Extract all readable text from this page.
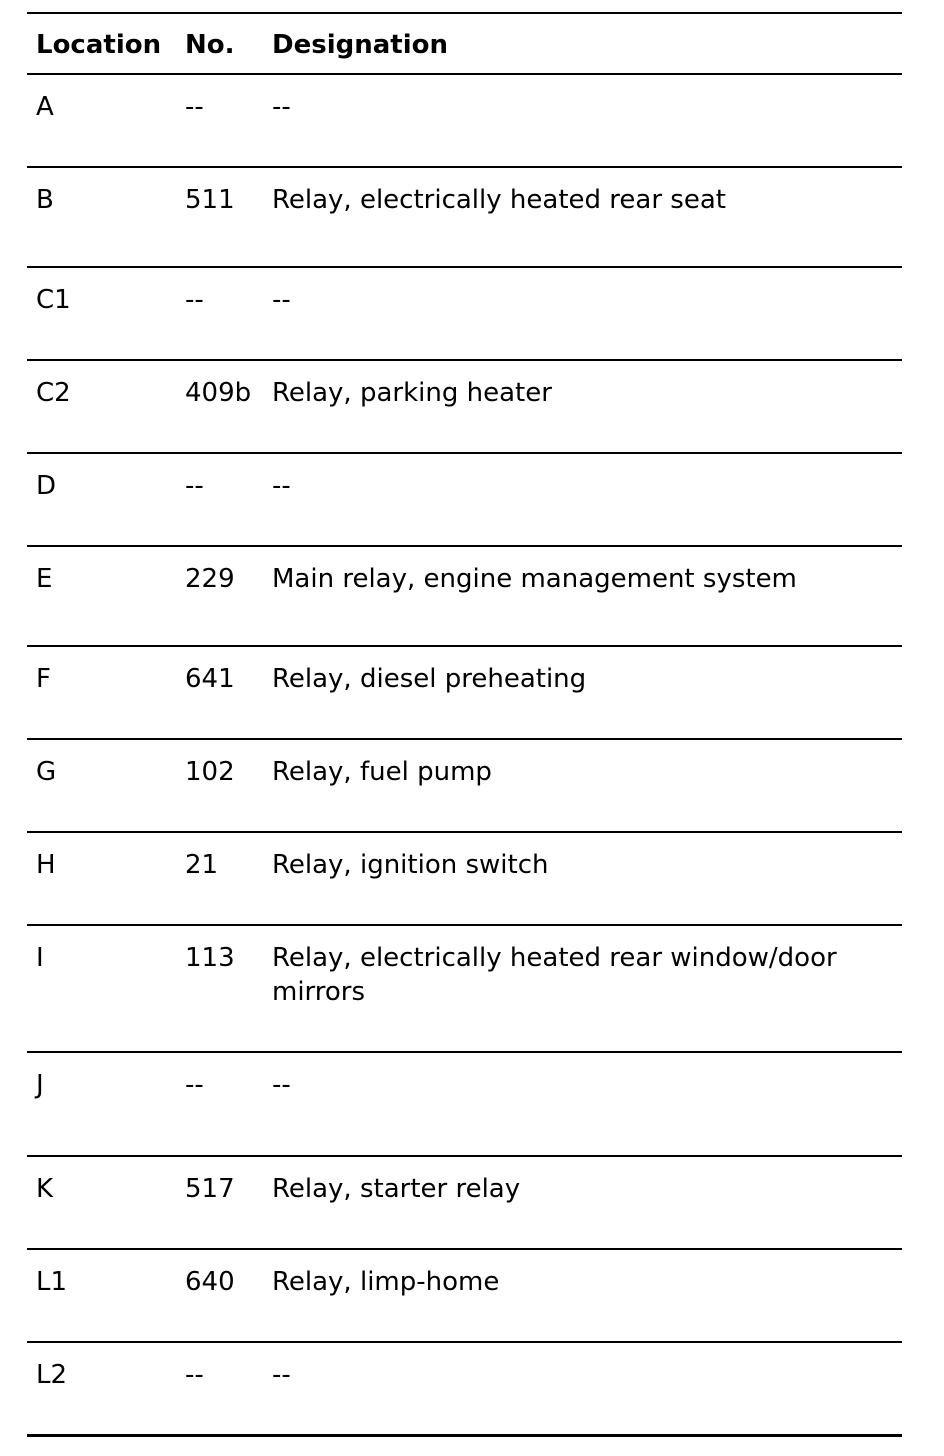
Location No. Designation
A	--	--
B	511 Relay, electrically heated rear seat
C1	--	--
C2	409b Relay, parking heater
D	--	--
E	229 Main relay, engine management system
F	641 Relay, diesel preheating
G	102 Relay, fuel pump
H	21 Relay, ignition switch
I	113 Relay, electrically heated rear window/door mirrors
J	--	--
K	517 Relay, starter relay
L1	640 Relay, limp-home
L2	--	--
